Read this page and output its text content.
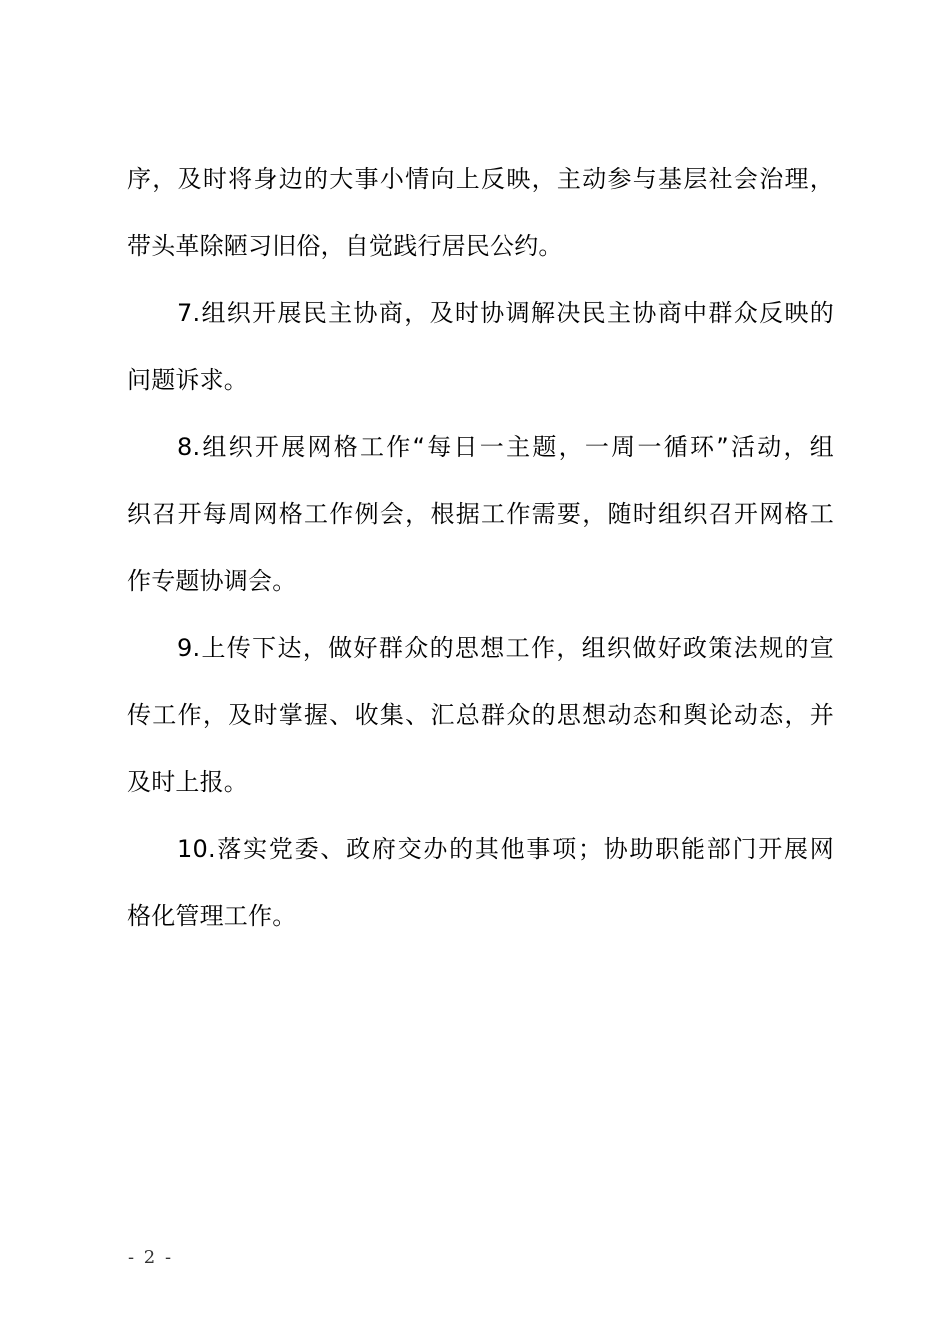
序，及时将身边的大事小情向上反映，主动参与基层社会治理，
带头革除陋习旧俗，自觉践行居民公约。
7.组织开展民主协商，及时协调解决民主协商中群众反映的
问题诉求。
8.组织开展网格工作“每日一主题，一周一循环”活动，组
织召开每周网格工作例会，根据工作需要，随时组织召开网格工
作专题协调会。
9.上传下达，做好群众的思想工作，组织做好政策法规的宣
传工作，及时掌握、收集、汇总群众的思想动态和舆论动态，并
及时上报。
10.落实党委、政府交办的其他事项；协助职能部门开展网
格化管理工作。
- 2 -
